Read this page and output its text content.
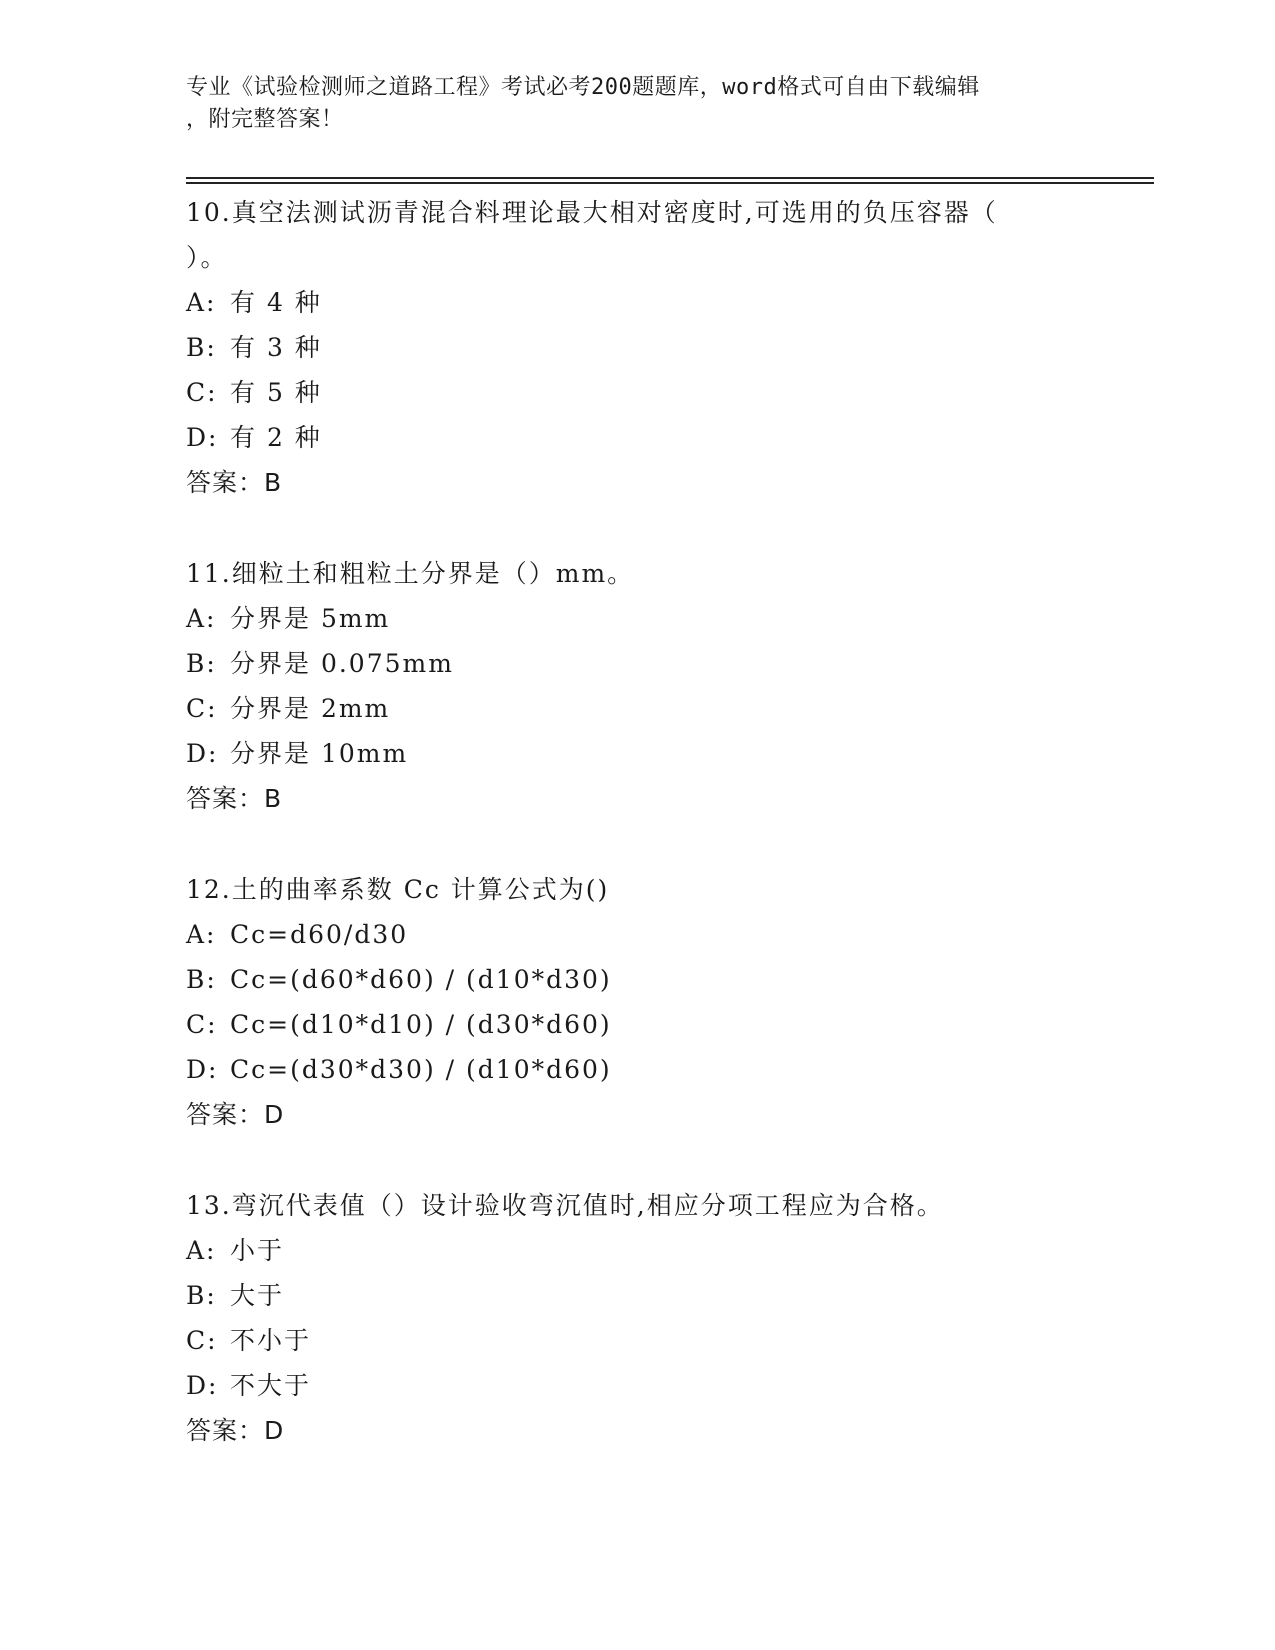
专业《试验检测师之道路工程》考试必考200题题库，word格式可自由下载编辑
，附完整答案！
10.真空法测试沥青混合料理论最大相对密度时,可选用的负压容器（
）。
A: 有 4 种
B: 有 3 种
C: 有 5 种
D: 有 2 种
答案：B
11.细粒土和粗粒土分界是（）mm。
A: 分界是 5mm
B: 分界是 0.075mm
C: 分界是 2mm
D: 分界是 10mm
答案：B
12.土的曲率系数 Cc 计算公式为()
A: Cc=d60/d30
B: Cc=(d60*d60) / (d10*d30)
C: Cc=(d10*d10) / (d30*d60)
D: Cc=(d30*d30) / (d10*d60)
答案：D
13.弯沉代表值（）设计验收弯沉值时,相应分项工程应为合格。
A: 小于
B: 大于
C: 不小于
D: 不大于
答案：D
